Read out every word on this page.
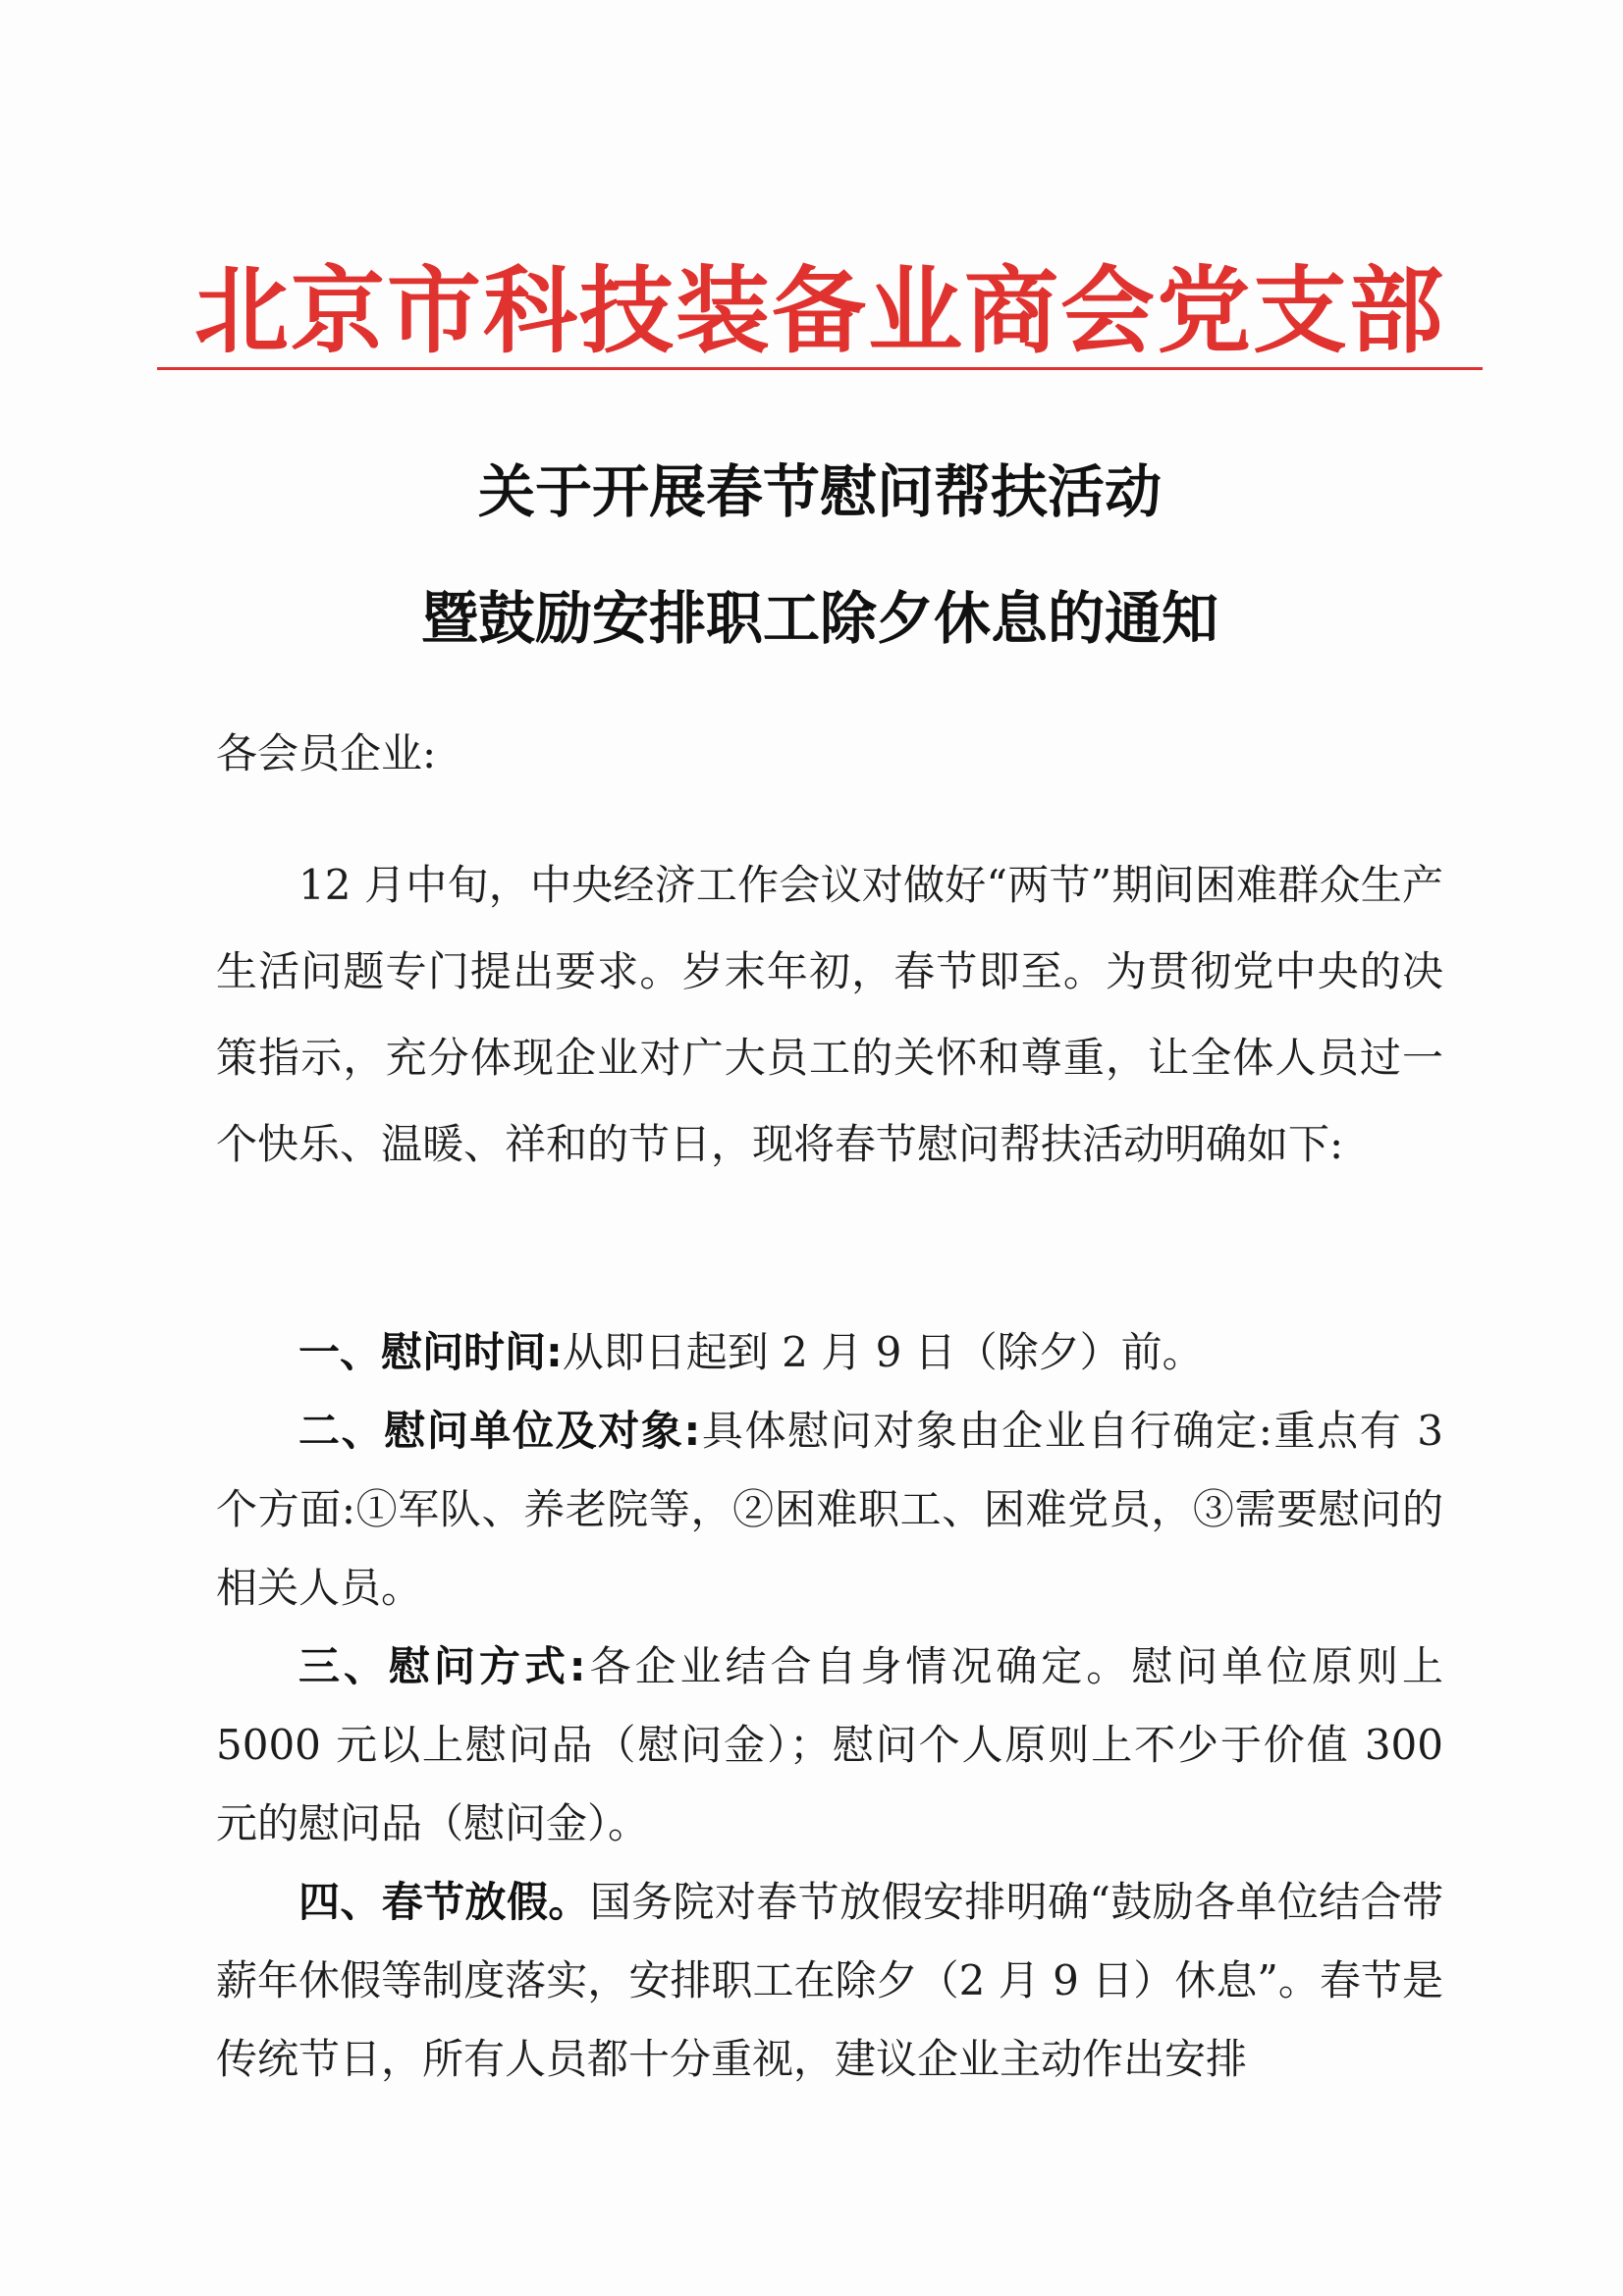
北京市科技装备业商会党支部
关于开展春节慰问帮扶活动
暨鼓励安排职工除夕休息的通知
各会员企业:

12 月中旬，中央经济工作会议对做好“两节”期间困难群众生产生活问题专门提出要求。岁末年初，春节即至。为贯彻党中央的决策指示，充分体现企业对广大员工的关怀和尊重，让全体人员过一个快乐、温暖、祥和的节日，现将春节慰问帮扶活动明确如下:

一、慰问时间:从即日起到 2 月 9 日（除夕）前。

二、慰问单位及对象:具体慰问对象由企业自行确定:重点有 3 个方面:①军队、养老院等，②困难职工、困难党员，③需要慰问的相关人员。

三、慰问方式:各企业结合自身情况确定。慰问单位原则上 5000 元以上慰问品（慰问金）；慰问个人原则上不少于价值 300 元的慰问品（慰问金）。

四、春节放假。国务院对春节放假安排明确“鼓励各单位结合带薪年休假等制度落实，安排职工在除夕（2 月 9 日）休息”。春节是传统节日，所有人员都十分重视，建议企业主动作出安排
